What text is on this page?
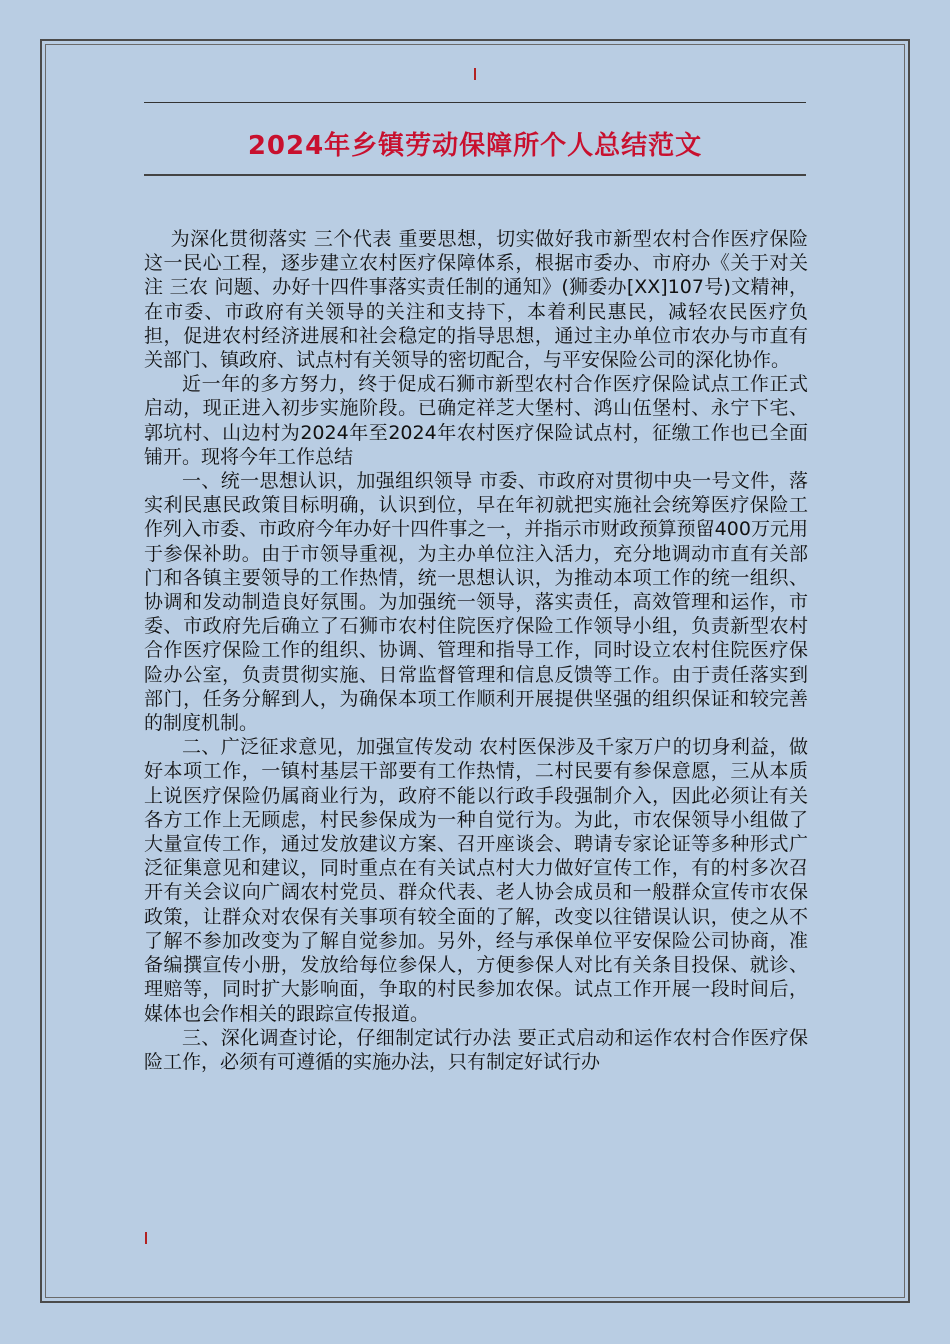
2024年乡镇劳动保障所个人总结范文

为深化贯彻落实 三个代表 重要思想，切实做好我市新型农村合作医疗保险这一民心工程，逐步建立农村医疗保障体系，根据市委办、市府办《关于对关注 三农 问题、办好十四件事落实责任制的通知》(狮委办[XX]107号)文精神，在市委、市政府有关领导的关注和支持下，本着利民惠民，减轻农民医疗负担，促进农村经济进展和社会稳定的指导思想，通过主办单位市农办与市直有关部门、镇政府、试点村有关领导的密切配合，与平安保险公司的深化协作。

近一年的多方努力，终于促成石狮市新型农村合作医疗保险试点工作正式启动，现正进入初步实施阶段。已确定祥芝大堡村、鸿山伍堡村、永宁下宅、郭坑村、山边村为2024年至2024年农村医疗保险试点村，征缴工作也已全面铺开。现将今年工作总结

一、统一思想认识，加强组织领导 市委、市政府对贯彻中央一号文件，落实利民惠民政策目标明确，认识到位，早在年初就把实施社会统筹医疗保险工作列入市委、市政府今年办好十四件事之一，并指示市财政预算预留400万元用于参保补助。由于市领导重视，为主办单位注入活力，充分地调动市直有关部门和各镇主要领导的工作热情，统一思想认识，为推动本项工作的统一组织、协调和发动制造良好氛围。为加强统一领导，落实责任，高效管理和运作，市委、市政府先后确立了石狮市农村住院医疗保险工作领导小组，负责新型农村合作医疗保险工作的组织、协调、管理和指导工作，同时设立农村住院医疗保险办公室，负责贯彻实施、日常监督管理和信息反馈等工作。由于责任落实到部门，任务分解到人，为确保本项工作顺利开展提供坚强的组织保证和较完善的制度机制。

二、广泛征求意见，加强宣传发动 农村医保涉及千家万户的切身利益，做好本项工作，一镇村基层干部要有工作热情，二村民要有参保意愿，三从本质上说医疗保险仍属商业行为，政府不能以行政手段强制介入，因此必须让有关各方工作上无顾虑，村民参保成为一种自觉行为。为此，市农保领导小组做了大量宣传工作，通过发放建议方案、召开座谈会、聘请专家论证等多种形式广泛征集意见和建议，同时重点在有关试点村大力做好宣传工作，有的村多次召开有关会议向广阔农村党员、群众代表、老人协会成员和一般群众宣传市农保政策，让群众对农保有关事项有较全面的了解，改变以往错误认识，使之从不了解不参加改变为了解自觉参加。另外，经与承保单位平安保险公司协商，准备编撰宣传小册，发放给每位参保人，方便参保人对比有关条目投保、就诊、理赔等，同时扩大影响面，争取的村民参加农保。试点工作开展一段时间后，媒体也会作相关的跟踪宣传报道。

三、深化调查讨论，仔细制定试行办法 要正式启动和运作农村合作医疗保险工作，必须有可遵循的实施办法，只有制定好试行办
